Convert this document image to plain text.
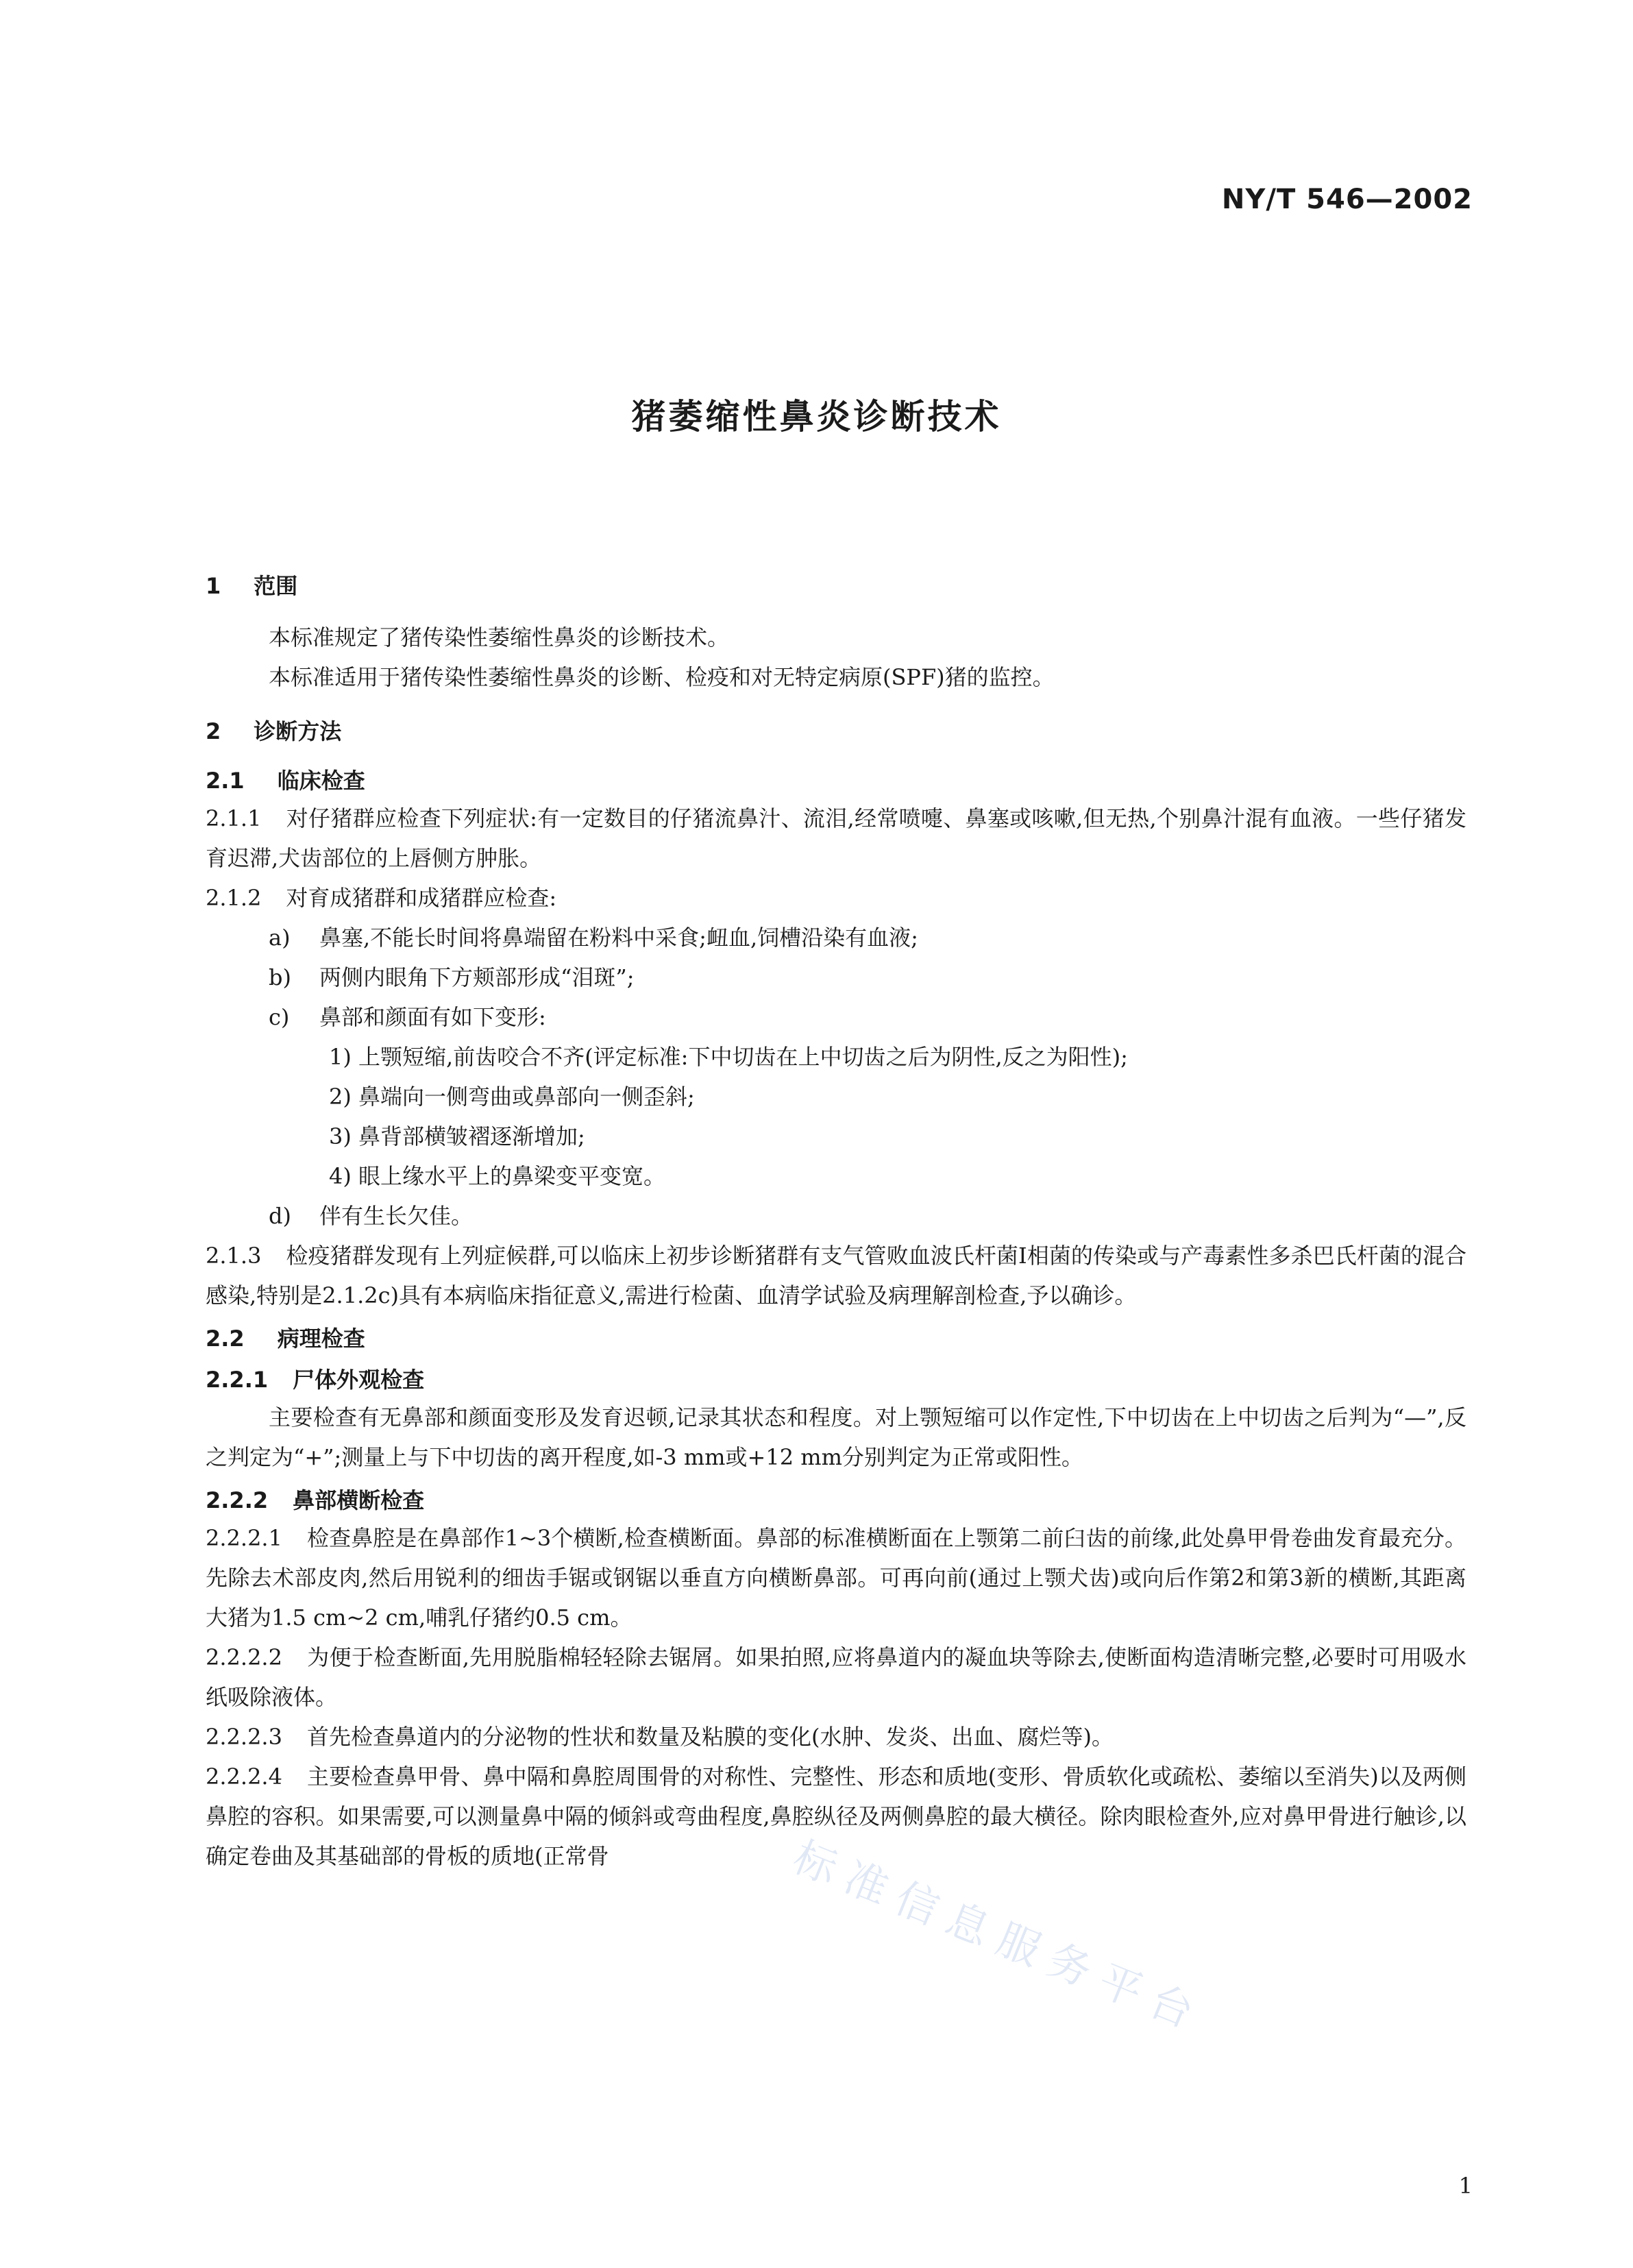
NY/T 546—2002
猪萎缩性鼻炎诊断技术
1 范围
本标准规定了猪传染性萎缩性鼻炎的诊断技术。
本标准适用于猪传染性萎缩性鼻炎的诊断、检疫和对无特定病原(SPF)猪的监控。
2 诊断方法
2.1 临床检查
2.1.1 对仔猪群应检查下列症状:有一定数目的仔猪流鼻汁、流泪,经常喷嚏、鼻塞或咳嗽,但无热,个别鼻汁混有血液。一些仔猪发育迟滞,犬齿部位的上唇侧方肿胀。
2.1.2 对育成猪群和成猪群应检查:
a) 鼻塞,不能长时间将鼻端留在粉料中采食;衄血,饲槽沿染有血液;
b) 两侧内眼角下方颊部形成“泪斑”;
c) 鼻部和颜面有如下变形:
1) 上颚短缩,前齿咬合不齐(评定标准:下中切齿在上中切齿之后为阴性,反之为阳性);
2) 鼻端向一侧弯曲或鼻部向一侧歪斜;
3) 鼻背部横皱褶逐渐增加;
4) 眼上缘水平上的鼻梁变平变宽。
d) 伴有生长欠佳。
2.1.3 检疫猪群发现有上列症候群,可以临床上初步诊断猪群有支气管败血波氏杆菌Ⅰ相菌的传染或与产毒素性多杀巴氏杆菌的混合感染,特别是2.1.2c)具有本病临床指征意义,需进行检菌、血清学试验及病理解剖检查,予以确诊。
2.2 病理检查
2.2.1 尸体外观检查
主要检查有无鼻部和颜面变形及发育迟顿,记录其状态和程度。对上颚短缩可以作定性,下中切齿在上中切齿之后判为“—”,反之判定为“+”;测量上与下中切齿的离开程度,如-3 mm或+12 mm分别判定为正常或阳性。
2.2.2 鼻部横断检查
2.2.2.1 检查鼻腔是在鼻部作1~3个横断,检查横断面。鼻部的标准横断面在上颚第二前臼齿的前缘,此处鼻甲骨卷曲发育最充分。先除去术部皮肉,然后用锐利的细齿手锯或钢锯以垂直方向横断鼻部。可再向前(通过上颚犬齿)或向后作第2和第3新的横断,其距离大猪为1.5 cm~2 cm,哺乳仔猪约0.5 cm。
2.2.2.2 为便于检查断面,先用脱脂棉轻轻除去锯屑。如果拍照,应将鼻道内的凝血块等除去,使断面构造清晰完整,必要时可用吸水纸吸除液体。
2.2.2.3 首先检查鼻道内的分泌物的性状和数量及粘膜的变化(水肿、发炎、出血、腐烂等)。
2.2.2.4 主要检查鼻甲骨、鼻中隔和鼻腔周围骨的对称性、完整性、形态和质地(变形、骨质软化或疏松、萎缩以至消失)以及两侧鼻腔的容积。如果需要,可以测量鼻中隔的倾斜或弯曲程度,鼻腔纵径及两侧鼻腔的最大横径。除肉眼检查外,应对鼻甲骨进行触诊,以确定卷曲及其基础部的骨板的质地(正常骨	标准信息服务平台
1
